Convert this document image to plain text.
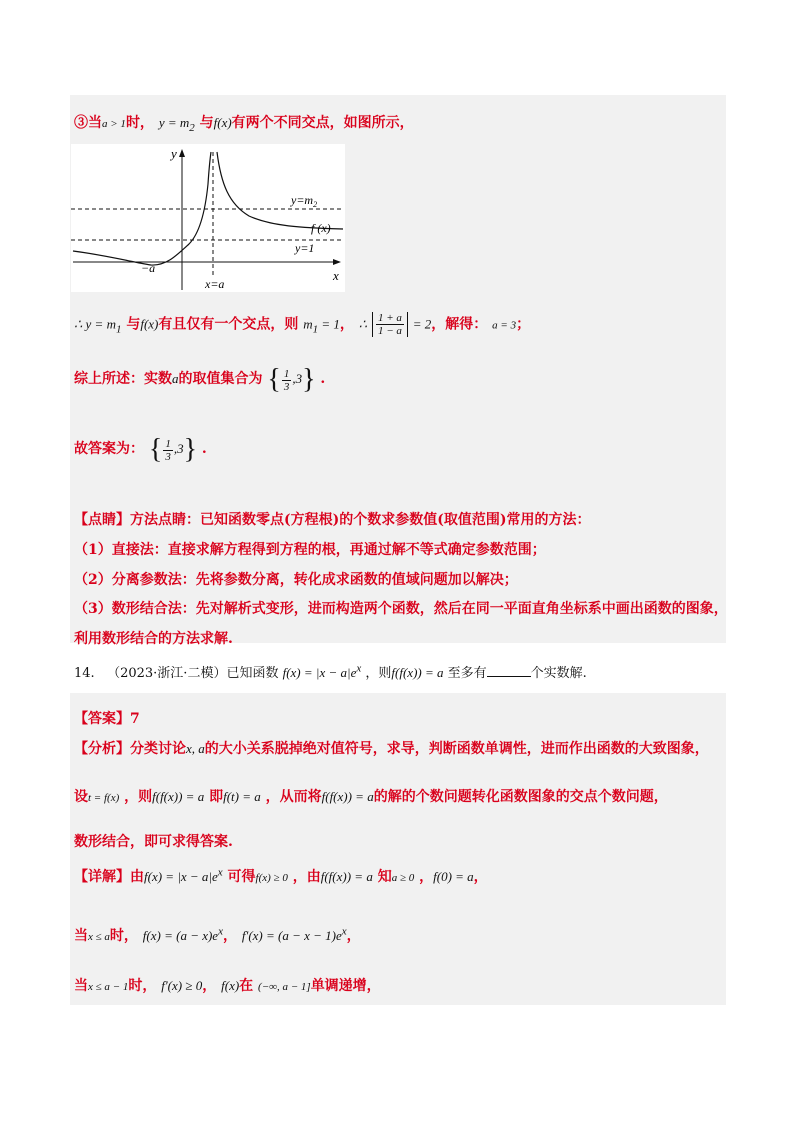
③当a > 1时， $y = m_2$ 与f(x)有两个不同交点，如图所示，
y
x
$y=m_2$
f (x)
y=1
−a
x=a
∴ $y = m_1$ 与f(x)有且仅有一个交点，则 $m_1 = 1$， ∴ $\frac{1 + a}{1 - a} = 2$，解得： a = 3；
综上所述：实数a的取值集合为 { $\frac{1}{3} ,3$} .
故答案为： { $\frac{1}{3} ,3$} .
【点睛】方法点睛：已知函数零点(方程根)的个数求参数值(取值范围)常用的方法：
（1）直接法：直接求解方程得到方程的根，再通过解不等式确定参数范围；
（2）分离参数法：先将参数分离，转化成求函数的值域问题加以解决；
（3）数形结合法：先对解析式变形，进而构造两个函数，然后在同一平面直角坐标系中画出函数的图象，
利用数形结合的方法求解.
14. （2023·浙江·二模）已知函数 $f(x) = |x - a|e^x$ ，则f(f(x)) = a 至多有	个实数解.
【答案】7
【分析】分类讨论x, a的大小关系脱掉绝对值符号，求导，判断函数单调性，进而作出函数的大致图象，
设t = f(x) ，则f(f(x)) = a 即f(t) = a ，从而将f(f(x)) = a的解的个数问题转化函数图象的交点个数问题，
数形结合，即可求得答案.
【详解】由$f(x) = |x - a|e^x$ 可得f(x) ≥ 0 ，由f(f(x)) = a 知a ≥ 0 ，f(0) = a，
当x ≤ a时， $f(x) = (a - x)e^x$， $f'(x) = (a - x - 1)e^x$，
当x ≤ a − 1时， f′(x) ≥ 0， f(x)在 (−∞, a − 1]单调递增，
